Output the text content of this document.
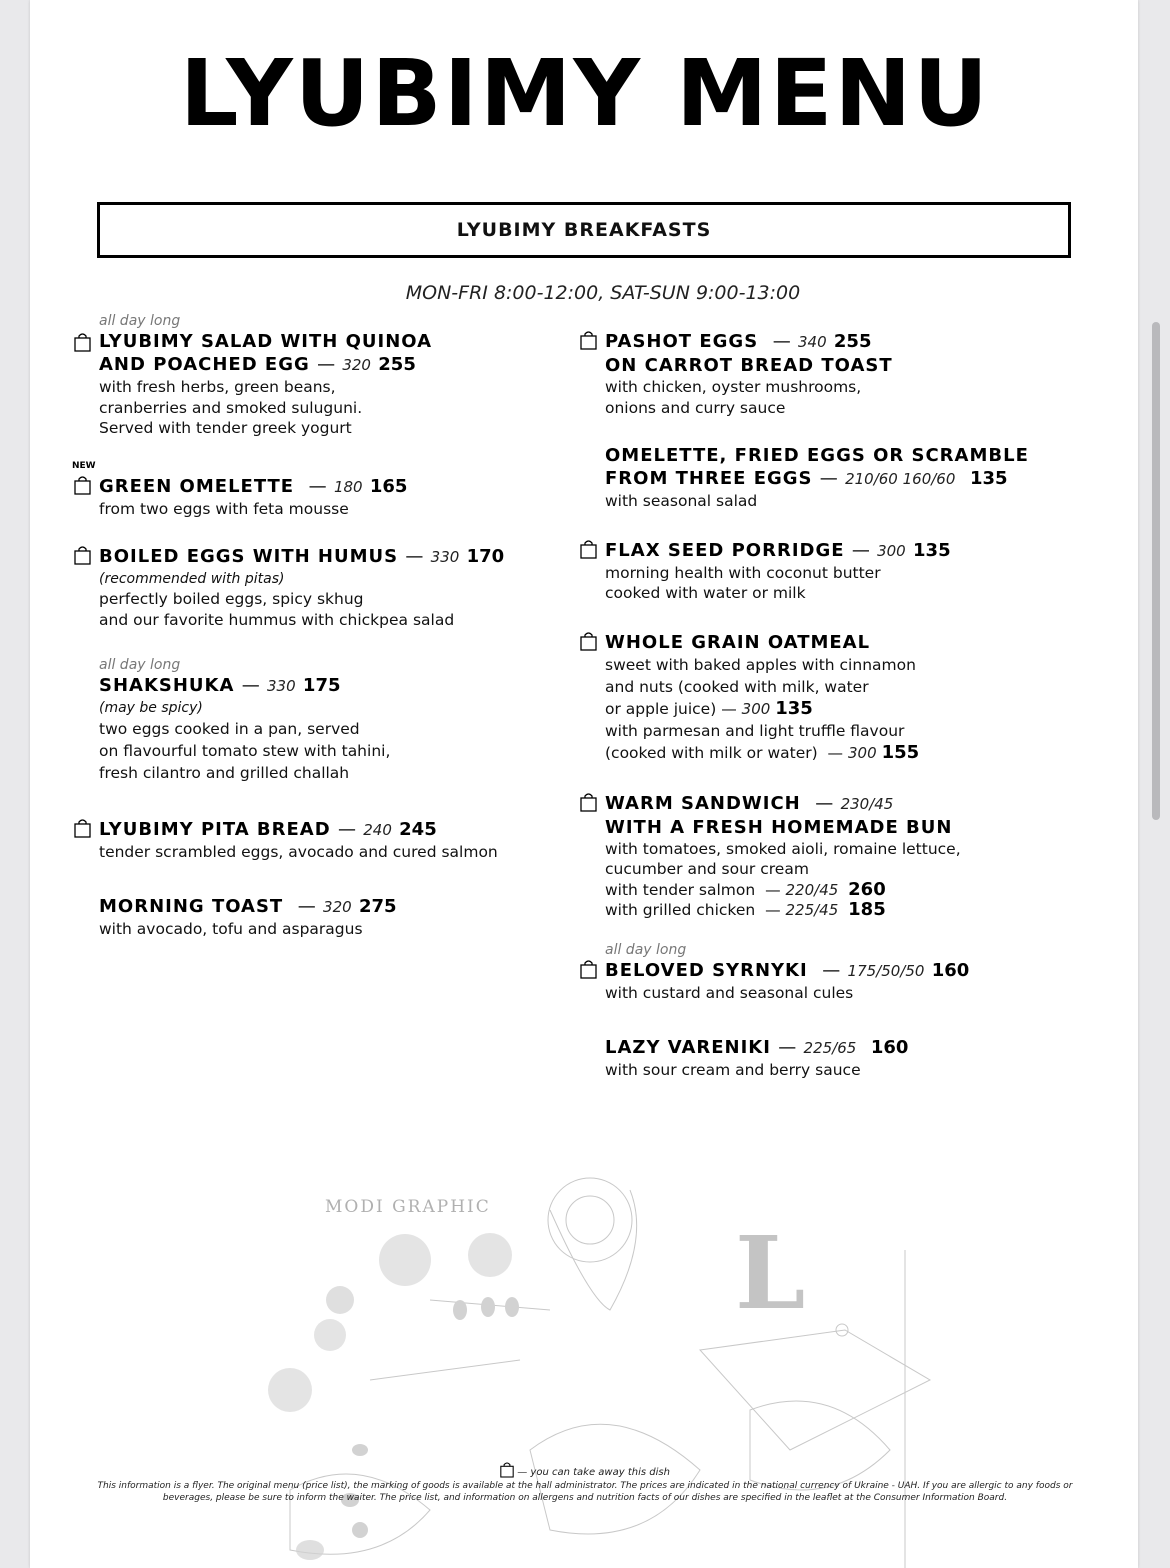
LYUBIMY MENU
LYUBIMY BREAKFASTS
MON-FRI 8:00-12:00, SAT-SUN 9:00-13:00
all day long
LYUBIMY SALAD WITH QUINOA
AND POACHED EGG — 320 255
with fresh herbs, green beans,
cranberries and smoked suluguni.
Served with tender greek yogurt
NEW
GREEN OMELETTE — 180 165
from two eggs with feta mousse
BOILED EGGS WITH HUMUS — 330 170
(recommended with pitas)
perfectly boiled eggs, spicy skhug
and our favorite hummus with chickpea salad
all day long
SHAKSHUKA — 330 175
(may be spicy)
two eggs cooked in a pan, served
on flavourful tomato stew with tahini,
fresh cilantro and grilled challah
LYUBIMY PITA BREAD — 240 245
tender scrambled eggs, avocado and cured salmon
MORNING TOAST — 320 275
with avocado, tofu and asparagus
PASHOT EGGS — 340 255
ON CARROT BREAD TOAST
with chicken, oyster mushrooms,
onions and curry sauce
OMELETTE, FRIED EGGS OR SCRAMBLE
FROM THREE EGGS — 210/60 160/60 135
with seasonal salad
FLAX SEED PORRIDGE — 300 135
morning health with coconut butter
cooked with water or milk
WHOLE GRAIN OATMEAL
sweet with baked apples with cinnamon
and nuts (cooked with milk, water
or apple juice) — 300 135
with parmesan and light truffle flavour
(cooked with milk or water) — 300 155
WARM SANDWICH — 230/45
WITH A FRESH HOMEMADE BUN
with tomatoes, smoked aioli, romaine lettuce,
cucumber and sour cream
with tender salmon — 220/45 260
with grilled chicken — 225/45 185
all day long
BELOVED SYRNYKI — 175/50/50 160
with custard and seasonal cules
LAZY VARENIKI — 225/65 160
with sour cream and berry sauce
MODI GRAPHIC
L
— you can take away this dish
This information is a flyer. The original menu (price list), the marking of goods is available at the hall administrator. The prices are indicated in the national currency of Ukraine - UAH. If you are allergic to any foods or beverages, please be sure to inform the waiter. The price list, and information on allergens and nutrition facts of our dishes are specified in the leaflet at the Consumer Information Board.
